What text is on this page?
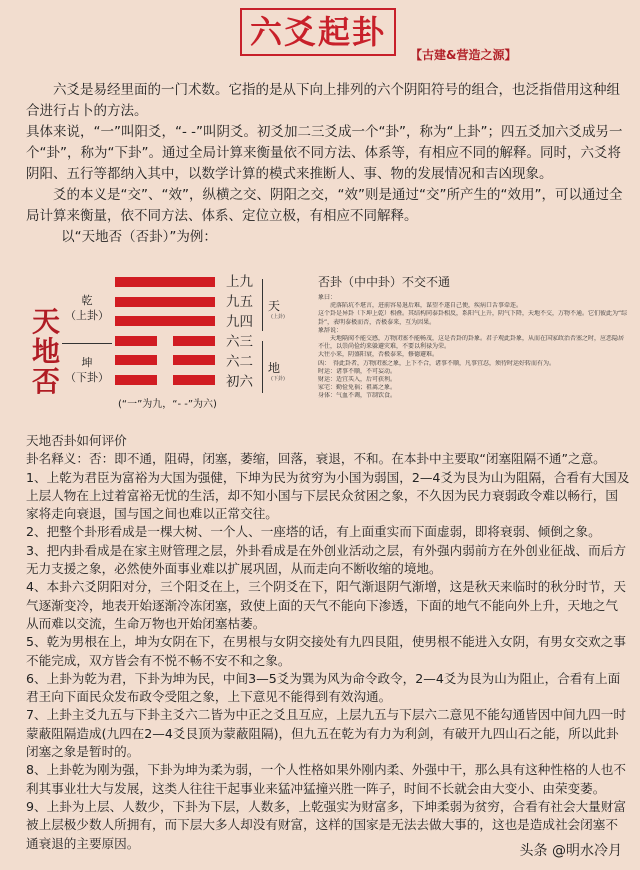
六爻起卦
【古建&营造之源】

六爻是易经里面的一门术数。它指的是从下向上排列的六个阴阳符号的组合，也泛指借用这种组合进行占卜的方法。

具体来说，“一”叫阳爻，“- -”叫阴爻。初爻加二三爻成一个“卦”，称为“上卦”；四五爻加六爻成另一个“卦”，称为“下卦”。通过全局计算来衡量依不同方法、体系等，有相应不同的解释。同时，六爻将阴阳、五行等都纳入其中，以数学计算的模式来推断人、事、物的发展情况和吉凶现象。

爻的本义是“交”、“效”，纵横之交、阴阳之交，“效”则是通过“交”所产生的“效用”，可以通过全局计算来衡量，依不同方法、体系、定位立极，有相应不同解释。

以“天地否（否卦）”为例：

天地否
乾
（上卦）
坤
（下卦）
上九
九五
九四
六三
六二
初六
天
(上卦)
地
(下卦)
(“一”为九，“- -”为六)
否卦（中中卦）不交不通
象曰：
　　虎落陷坑不堪言，进前容易退后难，谋望不遂自己便，疾病口舌事牵连。
这个卦是异卦（下坤上乾）相叠。其结构同泰卦相反，系阳气上升，阴气下降，天地不交，万物不通。它们彼此为“综卦”，表明泰极而否，否极泰来，互为因果。
象辞说：
　　天地隔阂不能交感，万物闭塞不能畅茂，这是否卦的卦象。君子观此卦象，从而在国家政治否塞之时，应恶隐居不仕，以崇尚俭约来躲避灾难，不要以利禄为荣。
大往小来，阴盛阳衰，否极泰来，修德避难。
凶：　得此卦者，万物闭塞之象，上下不合，诸事不顺，凡事宜忍，须待时运好转而有为。
时运：诸事不顺，不可妄动。
财运：适宜买入，后可获利。
家宅：勤俭免祸；祖离之象。
身体：气血不调，节制饮食。

天地否卦如何评价

卦名释义：否：即不通，阻碍，闭塞，萎缩，回落，衰退，不和。在本卦中主要取“闭塞阻隔不通”之意。

1、上乾为君臣为富裕为大国为强健，下坤为民为贫穷为小国为弱国，2—4爻为艮为山为阻隔，合看有大国及上层人物在上过着富裕无忧的生活，却不知小国与下层民众贫困之象，不久因为民力衰弱政令难以畅行，国家将走向衰退，国与国之间也难以正常交往。

2、把整个卦形看成是一棵大树、一个人、一座塔的话，有上面重实而下面虚弱，即将衰弱、倾倒之象。

3、把内卦看成是在家主财管理之层，外卦看成是在外创业活动之层，有外强内弱前方在外创业征战、而后方无力支援之象，必然使外面事业难以扩展巩固，从而走向不断收缩的境地。

4、本卦六爻阴阳对分，三个阳爻在上，三个阴爻在下，阳气渐退阴气渐增，这是秋天来临时的秋分时节，天气逐渐变冷，地表开始逐渐冷冻闭塞，致使上面的天气不能向下渗透，下面的地气不能向外上升，天地之气从而难以交流，生命万物也开始闭塞枯萎。

5、乾为男根在上，坤为女阴在下，在男根与女阴交接处有九四艮阻，使男根不能进入女阴，有男女交欢之事不能完成，双方皆会有不悦不畅不安不和之象。

6、上卦为乾为君，下卦为坤为民，中间3—5爻为巽为风为命令政令，2—4爻为艮为山为阻止，合看有上面君王向下面民众发布政令受阻之象，上下意见不能得到有效沟通。

7、上卦主爻九五与下卦主爻六二皆为中正之爻且互应，上层九五与下层六二意见不能勾通皆因中间九四一时蒙蔽阻隔造成(九四在2—4爻艮顶为蒙蔽阻隔)，但九五在乾为有力为利剑，有破开九四山石之能，所以此卦闭塞之象是暂时的。

8、上卦乾为刚为强，下卦为坤为柔为弱，一个人性格如果外刚内柔、外强中干，那么具有这种性格的人也不利其事业壮大与发展，这类人往往干起事业来猛冲猛撞兴胜一阵子，时间不长就会由大变小、由荣变萎。

9、上卦为上层、人数少，下卦为下层，人数多，上乾强实为财富多，下坤柔弱为贫穷，合看有社会大量财富被上层极少数人所拥有，而下层大多人却没有财富，这样的国家是无法去做大事的，这也是造成社会闭塞不通衰退的主要原因。	头条 @明水冷月
